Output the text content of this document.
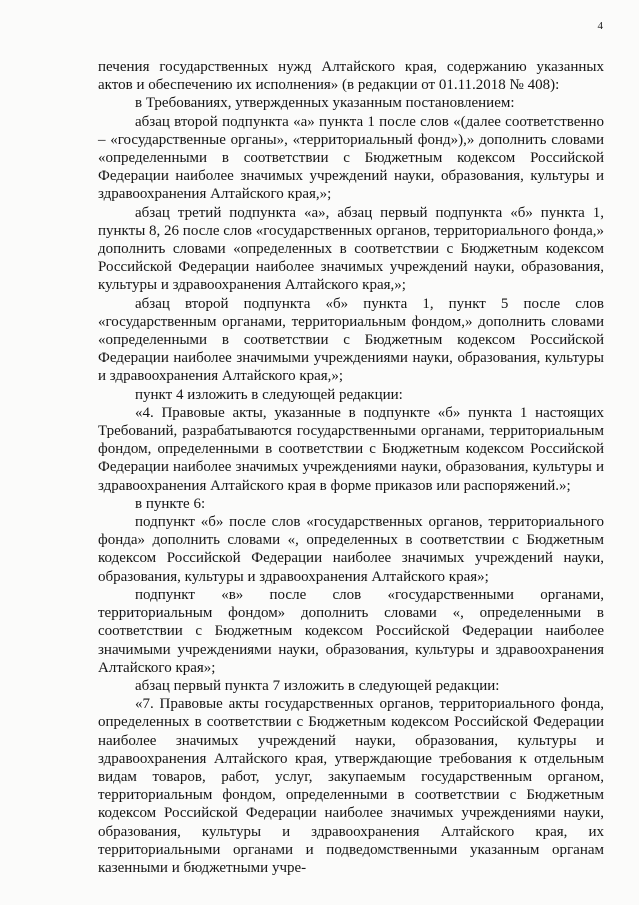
4

печения государственных нужд Алтайского края, содержанию указанных актов и обеспечению их исполнения» (в редакции от 01.11.2018 № 408):

в Требованиях, утвержденных указанным постановлением:

абзац второй подпункта «а» пункта 1 после слов «(далее соответственно – «государственные органы», «территориальный фонд»),» дополнить словами «определенными в соответствии с Бюджетным кодексом Российской Федерации наиболее значимых учреждений науки, образования, культуры и здравоохранения Алтайского края,»;

абзац третий подпункта «а», абзац первый подпункта «б» пункта 1, пункты 8, 26 после слов «государственных органов, территориального фонда,» дополнить словами «определенных в соответствии с Бюджетным кодексом Российской Федерации наиболее значимых учреждений науки, образования, культуры и здравоохранения Алтайского края,»;

абзац второй подпункта «б» пункта 1, пункт 5 после слов «государственным органами, территориальным фондом,» дополнить словами «определенными в соответствии с Бюджетным кодексом Российской Федерации наиболее значимыми учреждениями науки, образования, культуры и здравоохранения Алтайского края,»;

пункт 4 изложить в следующей редакции:

«4. Правовые акты, указанные в подпункте «б» пункта 1 настоящих Требований, разрабатываются государственными органами, территориальным фондом, определенными в соответствии с Бюджетным кодексом Российской Федерации наиболее значимых учреждениями науки, образования, культуры и здравоохранения Алтайского края в форме приказов или распоряжений.»;

в пункте 6:

подпункт «б» после слов «государственных органов, территориального фонда» дополнить словами «, определенных в соответствии с Бюджетным кодексом Российской Федерации наиболее значимых учреждений науки, образования, культуры и здравоохранения Алтайского края»;

подпункт «в» после слов «государственными органами, территориальным фондом» дополнить словами «, определенными в соответствии с Бюджетным кодексом Российской Федерации наиболее значимыми учреждениями науки, образования, культуры и здравоохранения Алтайского края»;

абзац первый пункта 7 изложить в следующей редакции:

«7. Правовые акты государственных органов, территориального фонда, определенных в соответствии с Бюджетным кодексом Российской Федерации наиболее значимых учреждений науки, образования, культуры и здравоохранения Алтайского края, утверждающие требования к отдельным видам товаров, работ, услуг, закупаемым государственным органом, территориальным фондом, определенными в соответствии с Бюджетным кодексом Российской Федерации наиболее значимых учреждениями науки, образования, культуры и здравоохранения Алтайского края, их территориальными органами и подведомственными указанным органам казенными и бюджетными учре-
